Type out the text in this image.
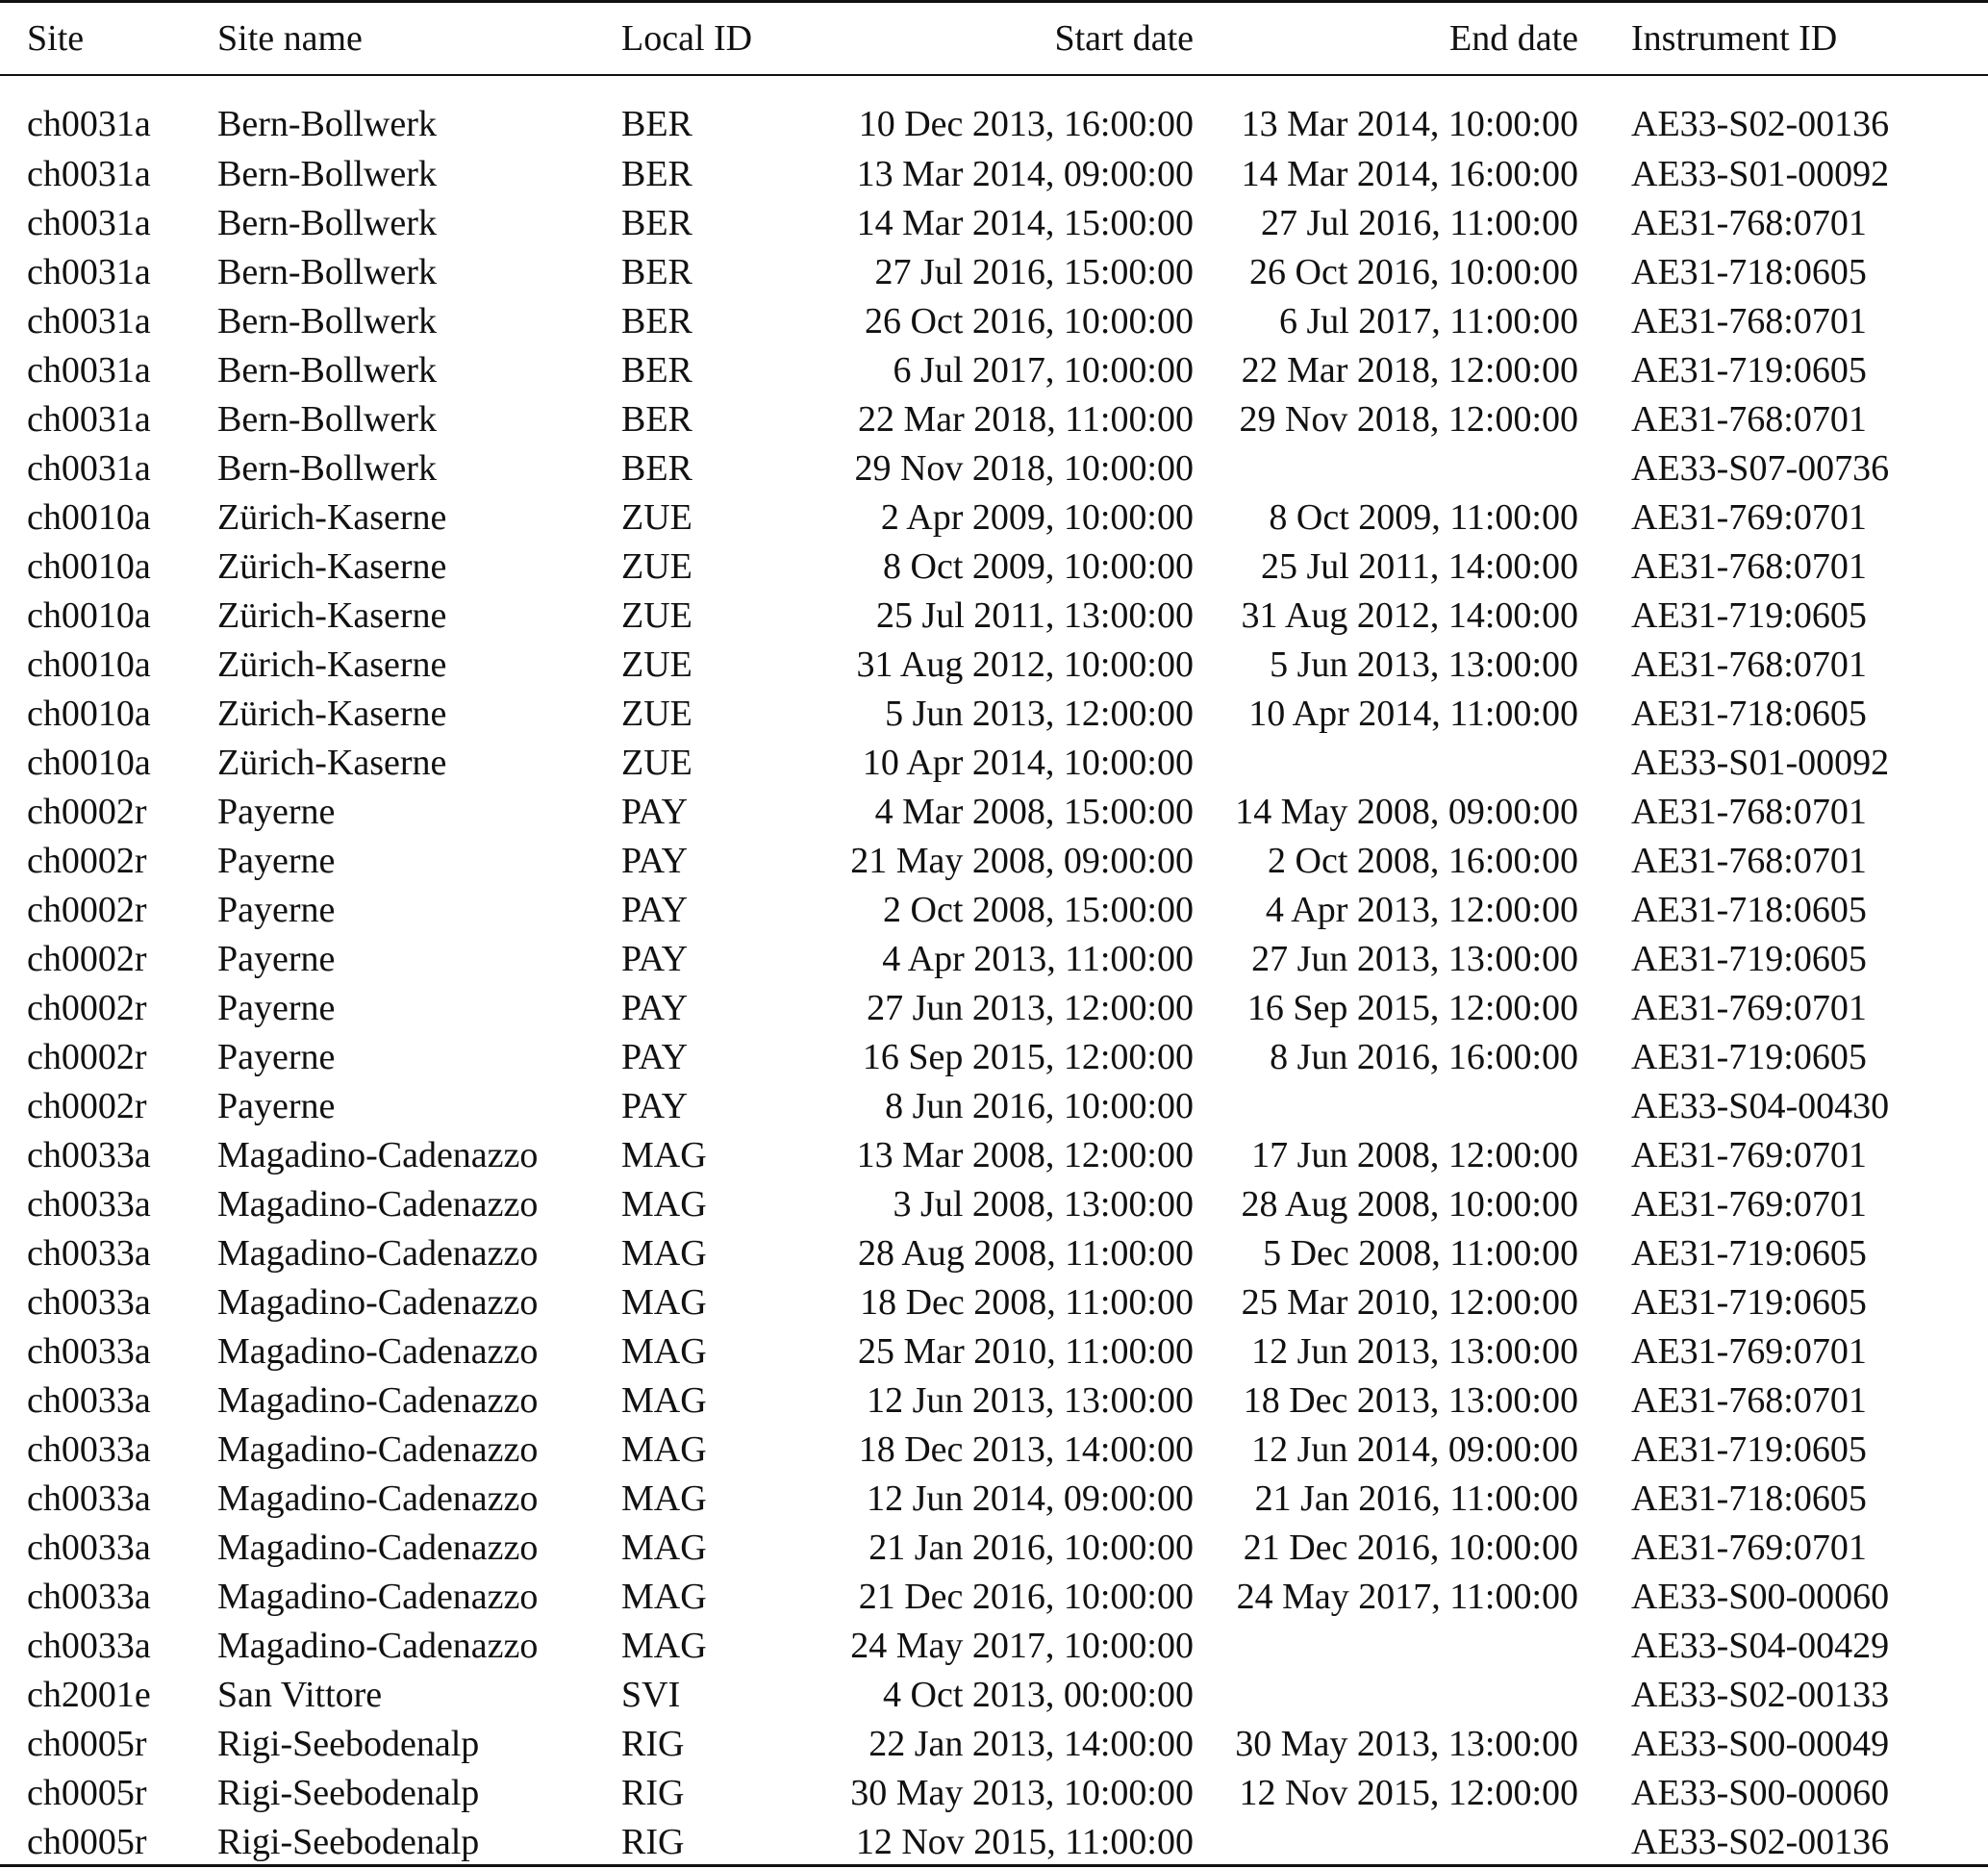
Site	Site name	Local ID	Start date	End date	Instrument ID
ch0031a	Bern-Bollwerk	BER	10 Dec 2013, 16:00:00	13 Mar 2014, 10:00:00	AE33-S02-00136
ch0031a	Bern-Bollwerk	BER	13 Mar 2014, 09:00:00	14 Mar 2014, 16:00:00	AE33-S01-00092
ch0031a	Bern-Bollwerk	BER	14 Mar 2014, 15:00:00	27 Jul 2016, 11:00:00	AE31-768:0701
ch0031a	Bern-Bollwerk	BER	27 Jul 2016, 15:00:00	26 Oct 2016, 10:00:00	AE31-718:0605
ch0031a	Bern-Bollwerk	BER	26 Oct 2016, 10:00:00	6 Jul 2017, 11:00:00	AE31-768:0701
ch0031a	Bern-Bollwerk	BER	6 Jul 2017, 10:00:00	22 Mar 2018, 12:00:00	AE31-719:0605
ch0031a	Bern-Bollwerk	BER	22 Mar 2018, 11:00:00	29 Nov 2018, 12:00:00	AE31-768:0701
ch0031a	Bern-Bollwerk	BER	29 Nov 2018, 10:00:00		AE33-S07-00736
ch0010a	Zürich-Kaserne	ZUE	2 Apr 2009, 10:00:00	8 Oct 2009, 11:00:00	AE31-769:0701
ch0010a	Zürich-Kaserne	ZUE	8 Oct 2009, 10:00:00	25 Jul 2011, 14:00:00	AE31-768:0701
ch0010a	Zürich-Kaserne	ZUE	25 Jul 2011, 13:00:00	31 Aug 2012, 14:00:00	AE31-719:0605
ch0010a	Zürich-Kaserne	ZUE	31 Aug 2012, 10:00:00	5 Jun 2013, 13:00:00	AE31-768:0701
ch0010a	Zürich-Kaserne	ZUE	5 Jun 2013, 12:00:00	10 Apr 2014, 11:00:00	AE31-718:0605
ch0010a	Zürich-Kaserne	ZUE	10 Apr 2014, 10:00:00		AE33-S01-00092
ch0002r	Payerne	PAY	4 Mar 2008, 15:00:00	14 May 2008, 09:00:00	AE31-768:0701
ch0002r	Payerne	PAY	21 May 2008, 09:00:00	2 Oct 2008, 16:00:00	AE31-768:0701
ch0002r	Payerne	PAY	2 Oct 2008, 15:00:00	4 Apr 2013, 12:00:00	AE31-718:0605
ch0002r	Payerne	PAY	4 Apr 2013, 11:00:00	27 Jun 2013, 13:00:00	AE31-719:0605
ch0002r	Payerne	PAY	27 Jun 2013, 12:00:00	16 Sep 2015, 12:00:00	AE31-769:0701
ch0002r	Payerne	PAY	16 Sep 2015, 12:00:00	8 Jun 2016, 16:00:00	AE31-719:0605
ch0002r	Payerne	PAY	8 Jun 2016, 10:00:00		AE33-S04-00430
ch0033a	Magadino-Cadenazzo	MAG	13 Mar 2008, 12:00:00	17 Jun 2008, 12:00:00	AE31-769:0701
ch0033a	Magadino-Cadenazzo	MAG	3 Jul 2008, 13:00:00	28 Aug 2008, 10:00:00	AE31-769:0701
ch0033a	Magadino-Cadenazzo	MAG	28 Aug 2008, 11:00:00	5 Dec 2008, 11:00:00	AE31-719:0605
ch0033a	Magadino-Cadenazzo	MAG	18 Dec 2008, 11:00:00	25 Mar 2010, 12:00:00	AE31-719:0605
ch0033a	Magadino-Cadenazzo	MAG	25 Mar 2010, 11:00:00	12 Jun 2013, 13:00:00	AE31-769:0701
ch0033a	Magadino-Cadenazzo	MAG	12 Jun 2013, 13:00:00	18 Dec 2013, 13:00:00	AE31-768:0701
ch0033a	Magadino-Cadenazzo	MAG	18 Dec 2013, 14:00:00	12 Jun 2014, 09:00:00	AE31-719:0605
ch0033a	Magadino-Cadenazzo	MAG	12 Jun 2014, 09:00:00	21 Jan 2016, 11:00:00	AE31-718:0605
ch0033a	Magadino-Cadenazzo	MAG	21 Jan 2016, 10:00:00	21 Dec 2016, 10:00:00	AE31-769:0701
ch0033a	Magadino-Cadenazzo	MAG	21 Dec 2016, 10:00:00	24 May 2017, 11:00:00	AE33-S00-00060
ch0033a	Magadino-Cadenazzo	MAG	24 May 2017, 10:00:00		AE33-S04-00429
ch2001e	San Vittore	SVI	4 Oct 2013, 00:00:00		AE33-S02-00133
ch0005r	Rigi-Seebodenalp	RIG	22 Jan 2013, 14:00:00	30 May 2013, 13:00:00	AE33-S00-00049
ch0005r	Rigi-Seebodenalp	RIG	30 May 2013, 10:00:00	12 Nov 2015, 12:00:00	AE33-S00-00060
ch0005r	Rigi-Seebodenalp	RIG	12 Nov 2015, 11:00:00		AE33-S02-00136
